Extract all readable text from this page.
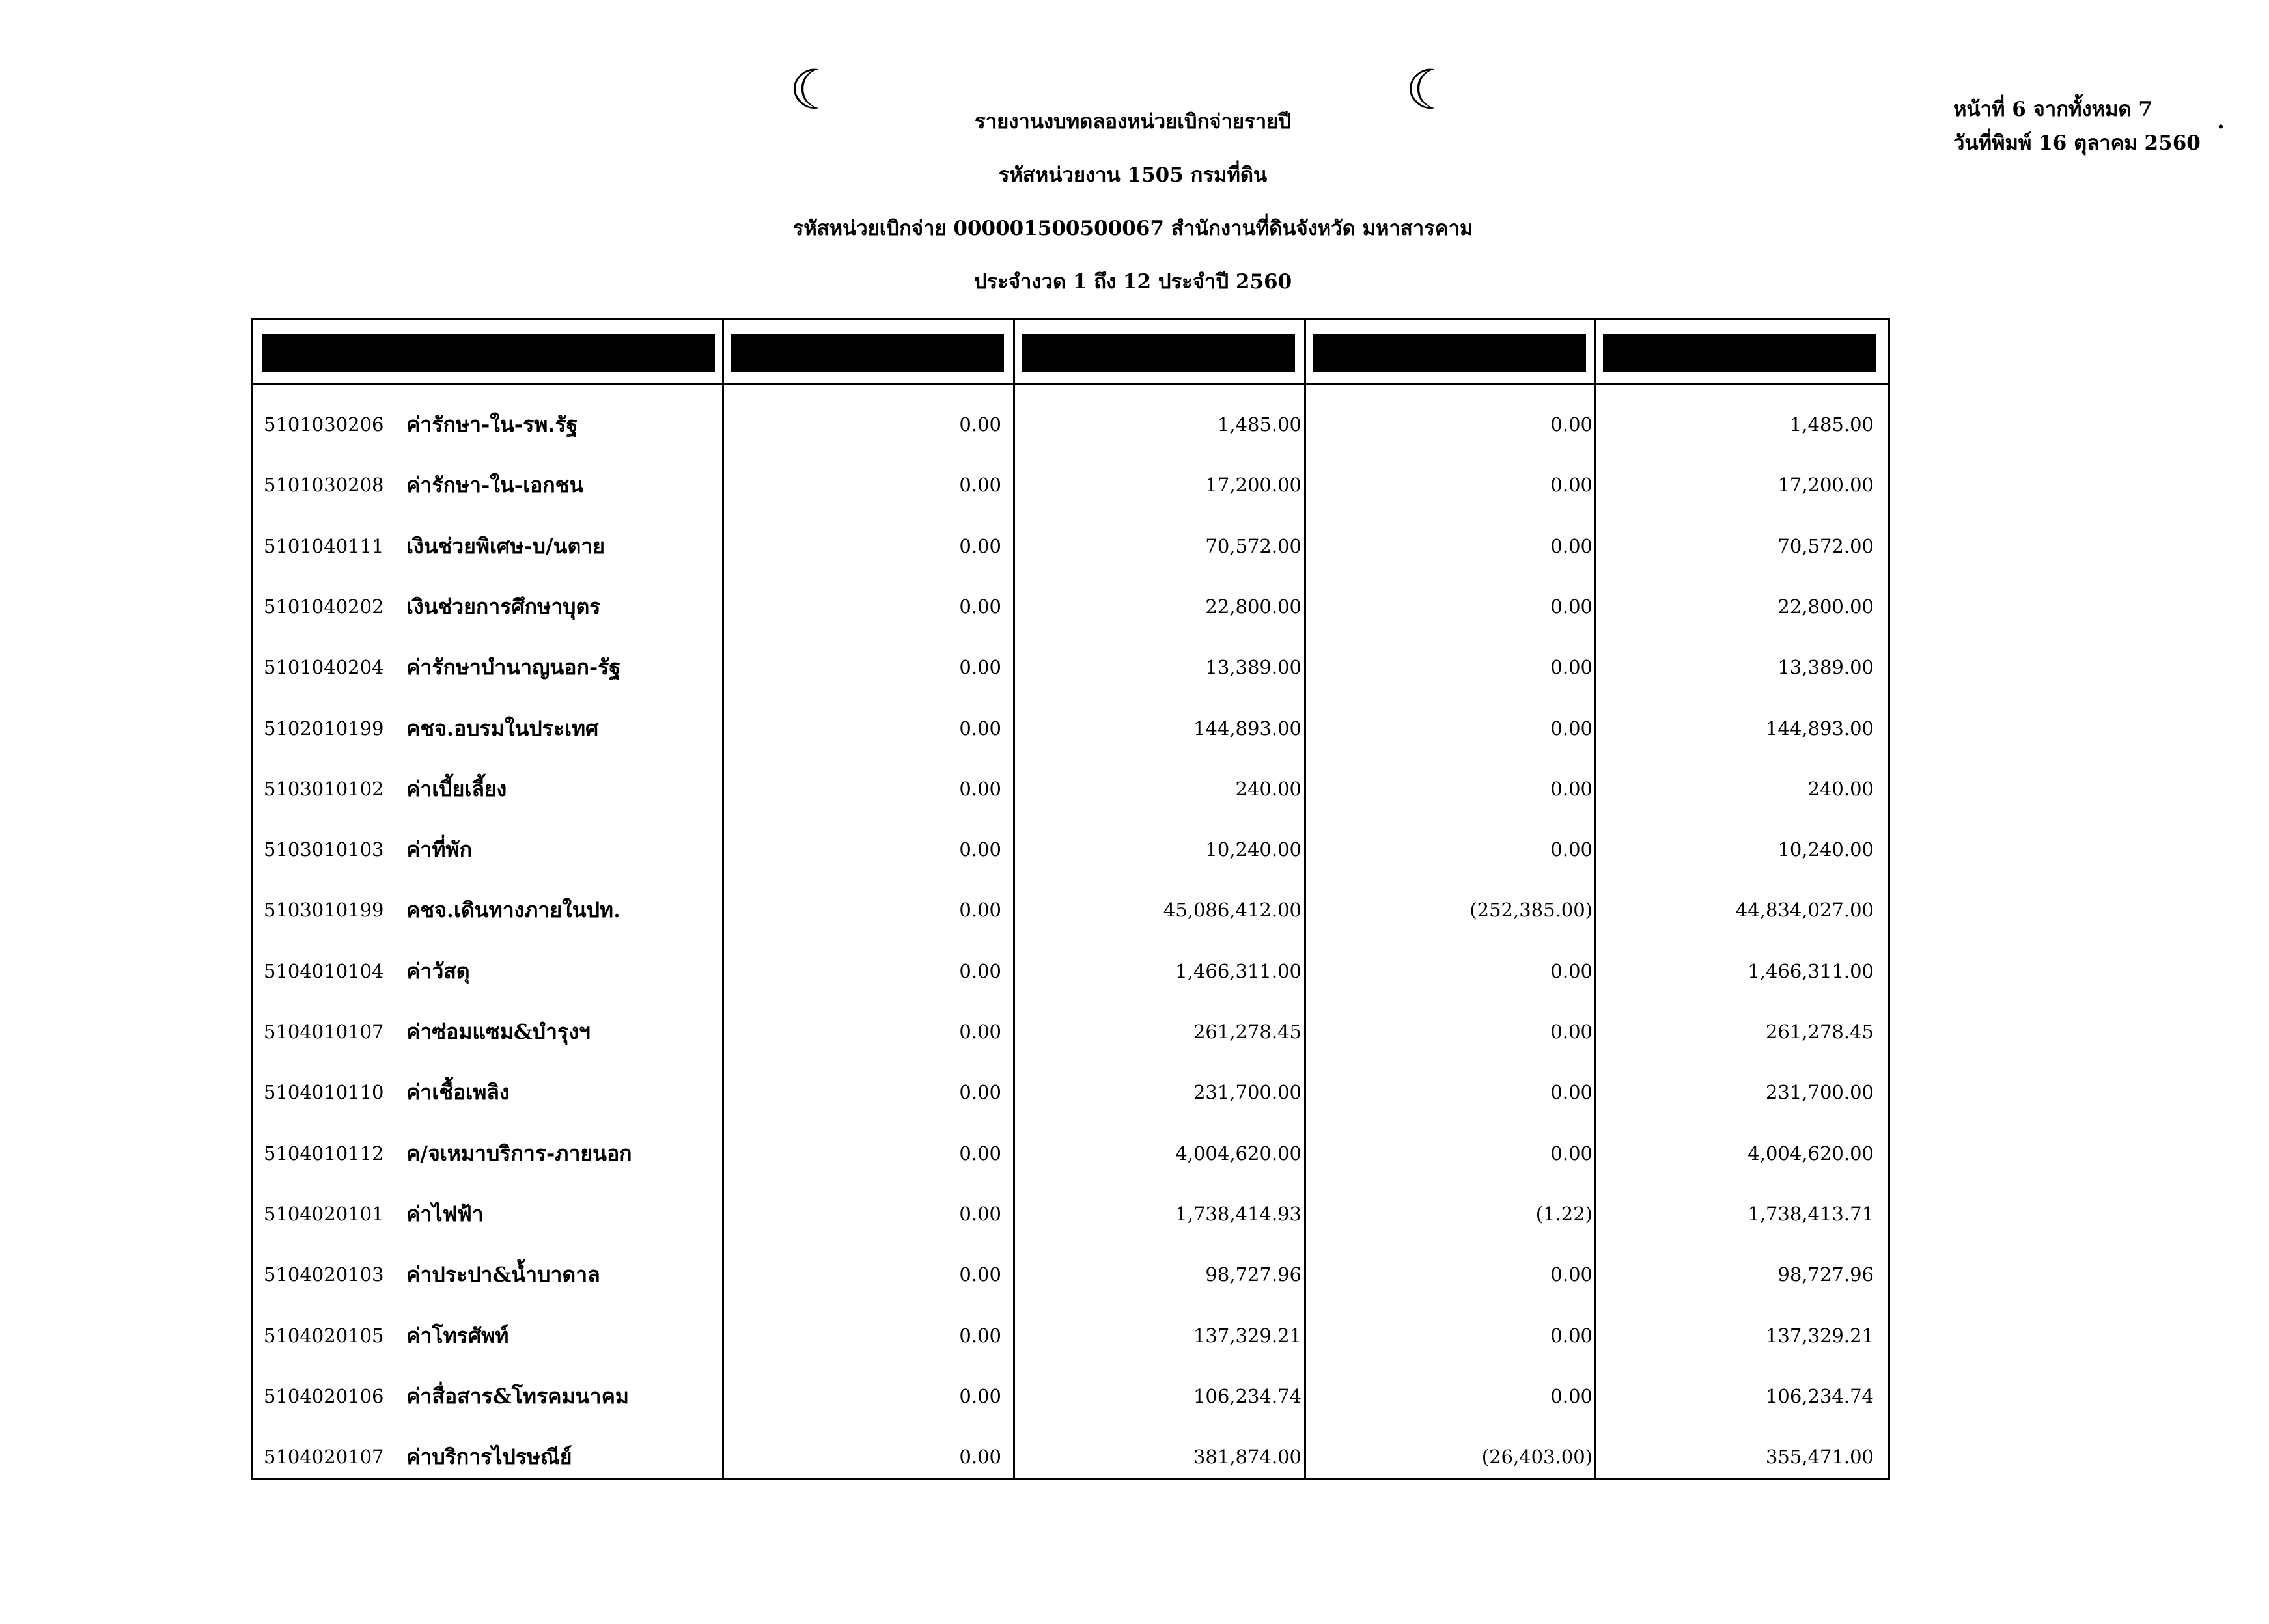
☾	☾
รายงานงบทดลองหน่วยเบิกจ่ายรายปี
รหัสหน่วยงาน 1505 กรมที่ดิน
รหัสหน่วยเบิกจ่าย 000001500500067 สำนักงานที่ดินจังหวัด มหาสารคาม
ประจำงวด 1 ถึง 12 ประจำปี 2560
หน้าที่ 6 จากทั้งหมด 7
วันที่พิมพ์ 16 ตุลาคม 2560
.
5101030206 ค่ารักษา-ใน-รพ.รัฐ	0.00	1,485.00	0.00	1,485.00
5101030208 ค่ารักษา-ใน-เอกชน	0.00	17,200.00	0.00	17,200.00
5101040111 เงินช่วยพิเศษ-บ/นตาย	0.00	70,572.00	0.00	70,572.00
5101040202 เงินช่วยการศึกษาบุตร	0.00	22,800.00	0.00	22,800.00
5101040204 ค่ารักษาบำนาญนอก-รัฐ	0.00	13,389.00	0.00	13,389.00
5102010199 คชจ.อบรมในประเทศ	0.00	144,893.00	0.00	144,893.00
5103010102 ค่าเบี้ยเลี้ยง	0.00	240.00	0.00	240.00
5103010103 ค่าที่พัก	0.00	10,240.00	0.00	10,240.00
5103010199 คชจ.เดินทางภายในปท.	0.00	45,086,412.00	(252,385.00)	44,834,027.00
5104010104 ค่าวัสดุ	0.00	1,466,311.00	0.00	1,466,311.00
5104010107 ค่าซ่อมแซม&บำรุงฯ	0.00	261,278.45	0.00	261,278.45
5104010110 ค่าเชื้อเพลิง	0.00	231,700.00	0.00	231,700.00
5104010112 ค/จเหมาบริการ-ภายนอก	0.00	4,004,620.00	0.00	4,004,620.00
5104020101 ค่าไฟฟ้า	0.00	1,738,414.93	(1.22)	1,738,413.71
5104020103 ค่าประปา&น้ำบาดาล	0.00	98,727.96	0.00	98,727.96
5104020105 ค่าโทรศัพท์	0.00	137,329.21	0.00	137,329.21
5104020106 ค่าสื่อสาร&โทรคมนาคม	0.00	106,234.74	0.00	106,234.74
5104020107 ค่าบริการไปรษณีย์	0.00	381,874.00	(26,403.00)	355,471.00
